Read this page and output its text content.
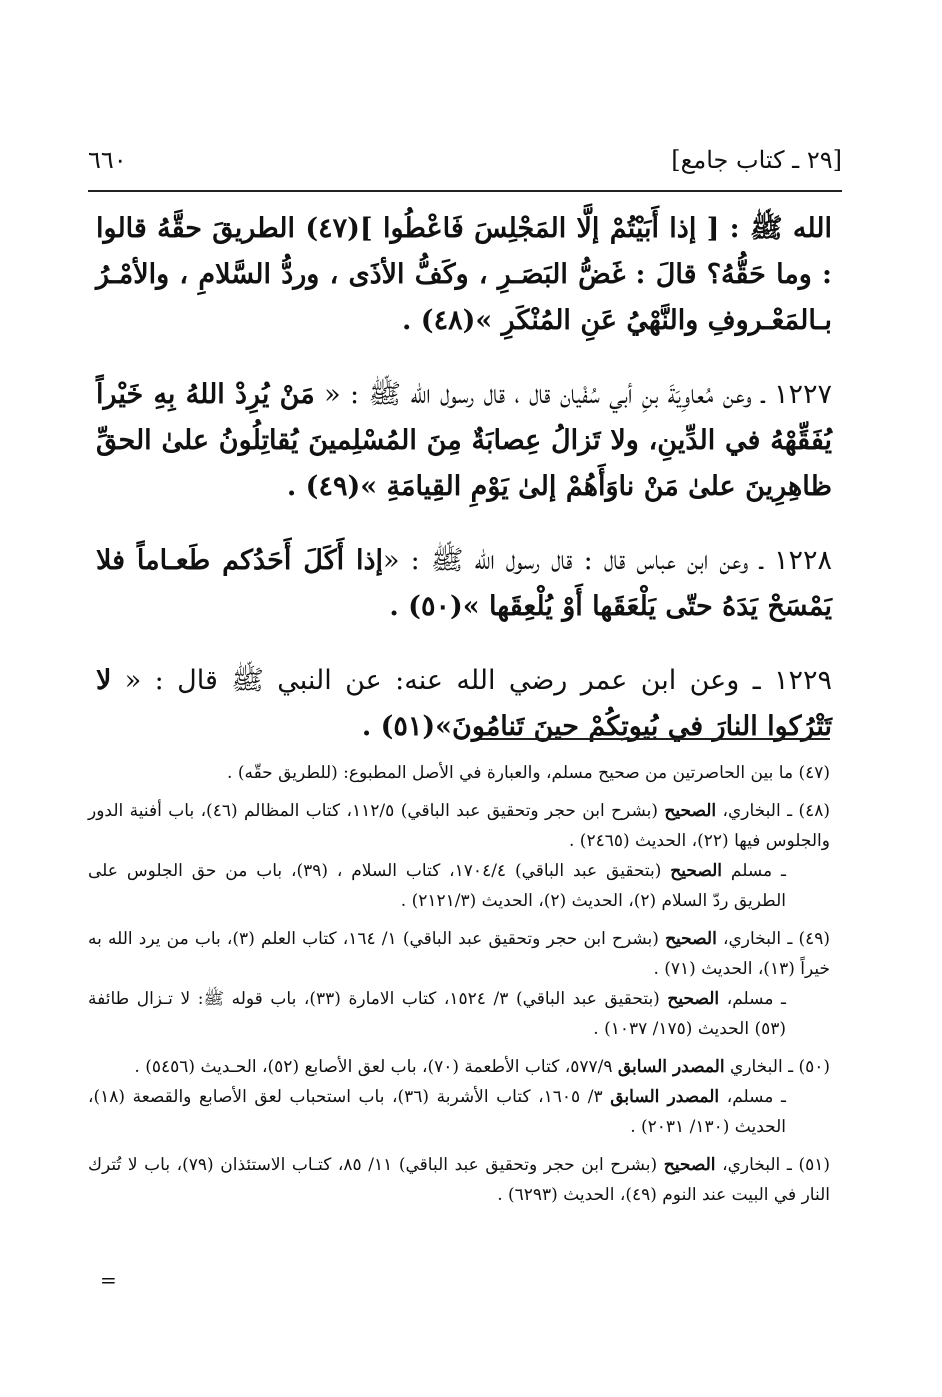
٦٦٠	[٢٩ ـ كتاب جامع]

الله ﷺ : [ إذا أَبَيْتُمْ إلَّا المَجْلِسَ فَاعْطُوا ](٤٧) الطريقَ حقَّهُ قالوا : وما حَقُّهُ؟ قالَ : غَضُّ البَصَـرِ ، وكَفُّ الأذَى ، وردُّ السَّلامِ ، والأمْـرُ بـالمَعْـروفِ والنَّهْيُ عَنِ المُنْكَرِ »(٤٨) .

١٢٢٧ ـ وعن مُعاوِيَةَ بنِ أبي سُفْيان قال ، قال رسول الله ﷺ : « مَنْ يُرِدْ اللهُ بِهِ خَيْراً يُفَقِّهْهُ في الدِّينِ، ولا تَزالُ عِصابَةٌ مِنَ المُسْلِمينَ يُقاتِلُونُ علىٰ الحقِّ ظاهِرِينَ علىٰ مَنْ ناوَأَهُمْ إلىٰ يَوْمِ القِيامَةِ »(٤٩) .

١٢٢٨ ـ وعن ابن عباس قال : قال رسول الله ﷺ : «إذا أَكَلَ أَحَدُكم طَعـاماً فلا يَمْسَحْ يَدَهُ حتّى يَلْعَقَها أَوْ يُلْعِقَها »(٥٠) .

١٢٢٩ ـ وعن ابن عمر رضي الله عنه: عن النبي ﷺ قال : « لا تَتْرُكوا النارَ في بُيوتِكُمْ حينَ تَنامُونَ»(٥١) .

(٤٧) ما بين الحاصرتين من صحيح مسلم، والعبارة في الأصل المطبوع: (للطريق حقّه) .

(٤٨) ـ البخاري، الصحيح (بشرح ابن حجر وتحقيق عبد الباقي) ١١٢/٥، كتاب المظالم (٤٦)، باب أفنية الدور والجلوس فيها (٢٢)، الحديث (٢٤٦٥) .
ـ مسلم الصحيح (بتحقيق عبد الباقي) ١٧٠٤/٤، كتاب السلام ، (٣٩)، باب من حق الجلوس على الطريق ردّ السلام (٢)، الحديث (٢)، الحديث (٢١٢١/٣) .

(٤٩) ـ البخاري، الصحيح (بشرح ابن حجر وتحقيق عبد الباقي) ١/ ١٦٤، كتاب العلم (٣)، باب من يرد الله به خيراً (١٣)، الحديث (٧١) .
ـ مسلم، الصحيح (بتحقيق عبد الباقي) ٣/ ١٥٢٤، كتاب الامارة (٣٣)، باب قوله ﷺ: لا تـزال طائفة (٥٣) الحديث (١٧٥/ ١٠٣٧) .

(٥٠) ـ البخاري المصدر السابق ٥٧٧/٩، كتاب الأطعمة (٧٠)، باب لعق الأصابع (٥٢)، الحـديث (٥٤٥٦) .
ـ مسلم، المصدر السابق ٣/ ١٦٠٥، كتاب الأشربة (٣٦)، باب استحباب لعق الأصابع والقصعة (١٨)، الحديث (١٣٠/ ٢٠٣١) .

(٥١) ـ البخاري، الصحيح (بشرح ابن حجر وتحقيق عبد الباقي) ١١/ ٨٥، كتـاب الاستئذان (٧٩)، باب لا تُترك النار في البيت عند النوم (٤٩)، الحديث (٦٢٩٣) .

=
